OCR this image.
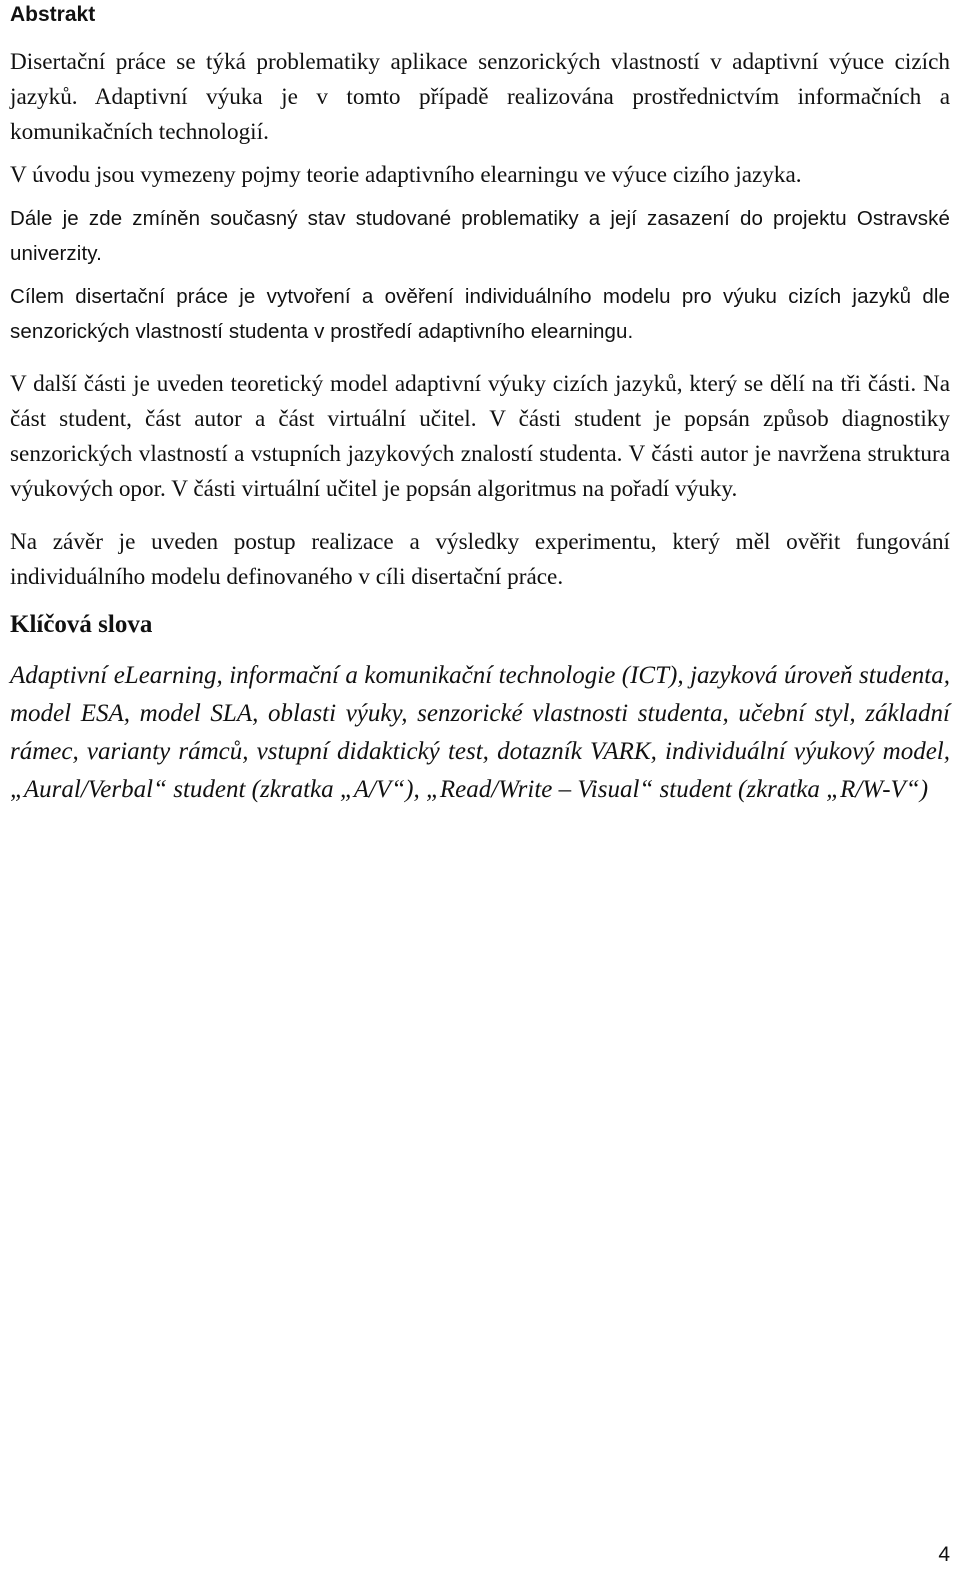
Abstrakt

Disertační práce se týká problematiky aplikace senzorických vlastností v adaptivní výuce cizích jazyků. Adaptivní výuka je v tomto případě realizována prostřednictvím informačních a komunikačních technologií.

V úvodu jsou vymezeny pojmy teorie adaptivního elearningu ve výuce cizího jazyka.

Dále je zde zmíněn současný stav studované problematiky a její zasazení do projektu Ostravské univerzity.

Cílem disertační práce je vytvoření a ověření individuálního modelu pro výuku cizích jazyků dle senzorických vlastností studenta v prostředí adaptivního elearningu.

V další části je uveden teoretický model adaptivní výuky cizích jazyků, který se dělí na tři části. Na část student, část autor a část virtuální učitel. V části student je popsán způsob diagnostiky senzorických vlastností a vstupních jazykových znalostí studenta. V části autor je navržena struktura výukových opor. V části virtuální učitel je popsán algoritmus na pořadí výuky.

Na závěr je uveden postup realizace a výsledky experimentu, který měl ověřit fungování individuálního modelu definovaného v cíli disertační práce.

Klíčová slova

Adaptivní eLearning, informační a komunikační technologie (ICT), jazyková úroveň studenta, model ESA, model SLA, oblasti výuky, senzorické vlastnosti studenta, učební styl, základní rámec, varianty rámců, vstupní didaktický test, dotazník VARK, individuální výukový model, „Aural/Verbal“ student (zkratka „A/V“), „Read/Write – Visual“ student (zkratka „R/W-V“)

4
